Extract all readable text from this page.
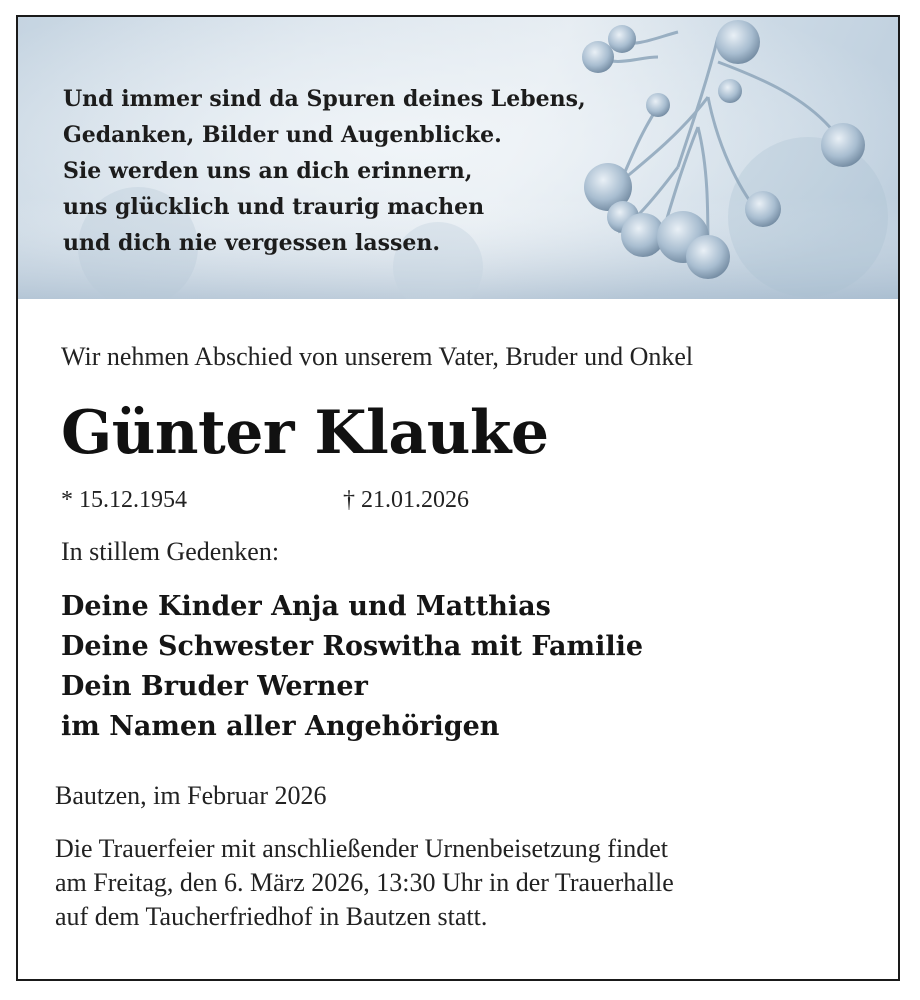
Und immer sind da Spuren deines Lebens,
Gedanken, Bilder und Augenblicke.
Sie werden uns an dich erinnern,
uns glücklich und traurig machen
und dich nie vergessen lassen.
Wir nehmen Abschied von unserem Vater, Bruder und Onkel
Günter Klauke
* 15.12.1954	† 21.01.2026
In stillem Gedenken:
Deine Kinder Anja und Matthias
Deine Schwester Roswitha mit Familie
Dein Bruder Werner
im Namen aller Angehörigen
Bautzen, im Februar 2026
Die Trauerfeier mit anschließender Urnenbeisetzung findet
am Freitag, den 6. März 2026, 13:30 Uhr in der Trauerhalle
auf dem Taucherfriedhof in Bautzen statt.
